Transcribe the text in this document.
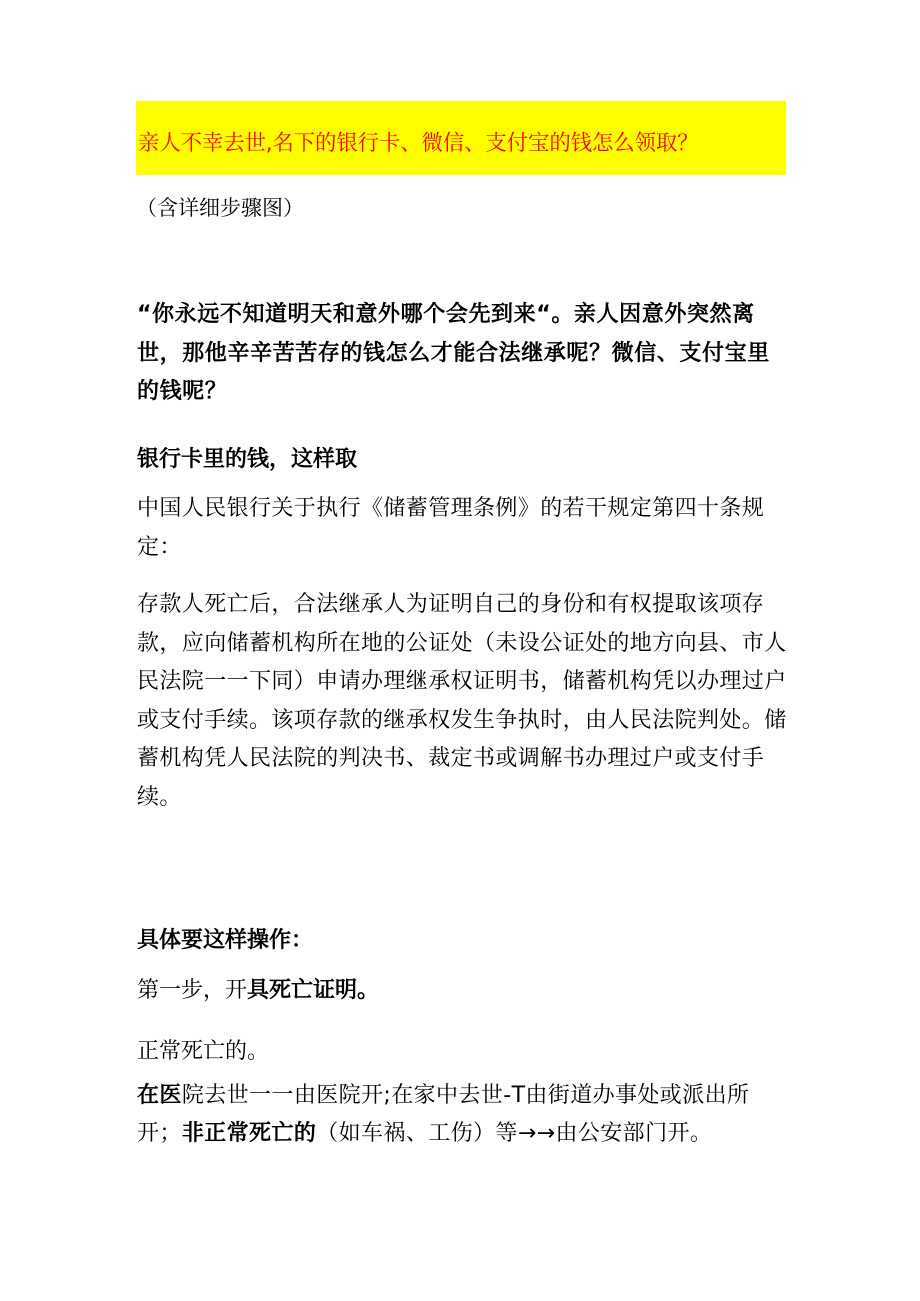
亲人不幸去世,名下的银行卡、微信、支付宝的钱怎么领取？
（含详细步骤图）

“你永远不知道明天和意外哪个会先到来“。亲人因意外突然离世，那他辛辛苦苦存的钱怎么才能合法继承呢？微信、支付宝里的钱呢？

银行卡里的钱，这样取

中国人民银行关于执行《储蓄管理条例》的若干规定第四十条规定：

存款人死亡后，合法继承人为证明自己的身份和有权提取该项存款，应向储蓄机构所在地的公证处（未设公证处的地方向县、市人民法院一一下同）申请办理继承权证明书，储蓄机构凭以办理过户或支付手续。该项存款的继承权发生争执时，由人民法院判处。储蓄机构凭人民法院的判决书、裁定书或调解书办理过户或支付手续。

具体要这样操作：

第一步，开具死亡证明。

正常死亡的。

在医院去世一一由医院开;在家中去世-T由街道办事处或派出所开；非正常死亡的（如车祸、工伤）等→→由公安部门开。
